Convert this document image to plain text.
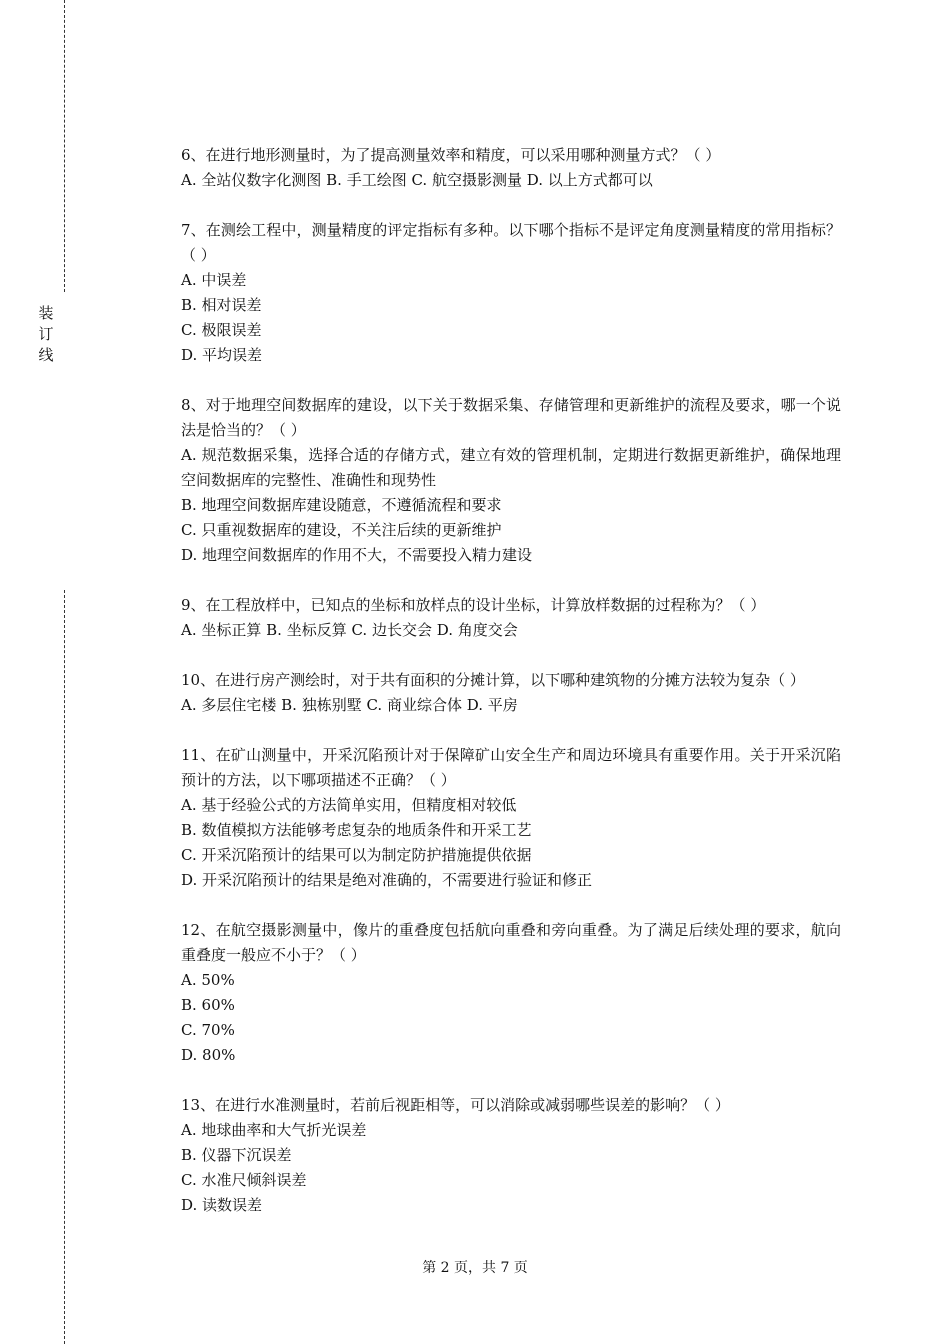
装
订
线

6、在进行地形测量时，为了提高测量效率和精度，可以采用哪种测量方式？（ ）

A. 全站仪数字化测图 B. 手工绘图 C. 航空摄影测量 D. 以上方式都可以

7、在测绘工程中，测量精度的评定指标有多种。以下哪个指标不是评定角度测量精度的常用指标？（ ）

A. 中误差

B. 相对误差

C. 极限误差

D. 平均误差

8、对于地理空间数据库的建设，以下关于数据采集、存储管理和更新维护的流程及要求，哪一个说法是恰当的？（ ）

A. 规范数据采集，选择合适的存储方式，建立有效的管理机制，定期进行数据更新维护，确保地理空间数据库的完整性、准确性和现势性

B. 地理空间数据库建设随意，不遵循流程和要求

C. 只重视数据库的建设，不关注后续的更新维护

D. 地理空间数据库的作用不大，不需要投入精力建设

9、在工程放样中，已知点的坐标和放样点的设计坐标，计算放样数据的过程称为？（ ）

A. 坐标正算 B. 坐标反算 C. 边长交会 D. 角度交会

10、在进行房产测绘时，对于共有面积的分摊计算，以下哪种建筑物的分摊方法较为复杂（ ）

A. 多层住宅楼 B. 独栋别墅 C. 商业综合体 D. 平房

11、在矿山测量中，开采沉陷预计对于保障矿山安全生产和周边环境具有重要作用。关于开采沉陷预计的方法，以下哪项描述不正确？（ ）

A. 基于经验公式的方法简单实用，但精度相对较低

B. 数值模拟方法能够考虑复杂的地质条件和开采工艺

C. 开采沉陷预计的结果可以为制定防护措施提供依据

D. 开采沉陷预计的结果是绝对准确的，不需要进行验证和修正

12、在航空摄影测量中，像片的重叠度包括航向重叠和旁向重叠。为了满足后续处理的要求，航向重叠度一般应不小于？（ ）

A. 50%

B. 60%

C. 70%

D. 80%

13、在进行水准测量时，若前后视距相等，可以消除或减弱哪些误差的影响？（ ）

A. 地球曲率和大气折光误差

B. 仪器下沉误差

C. 水准尺倾斜误差

D. 读数误差

第 2 页，共 7 页
